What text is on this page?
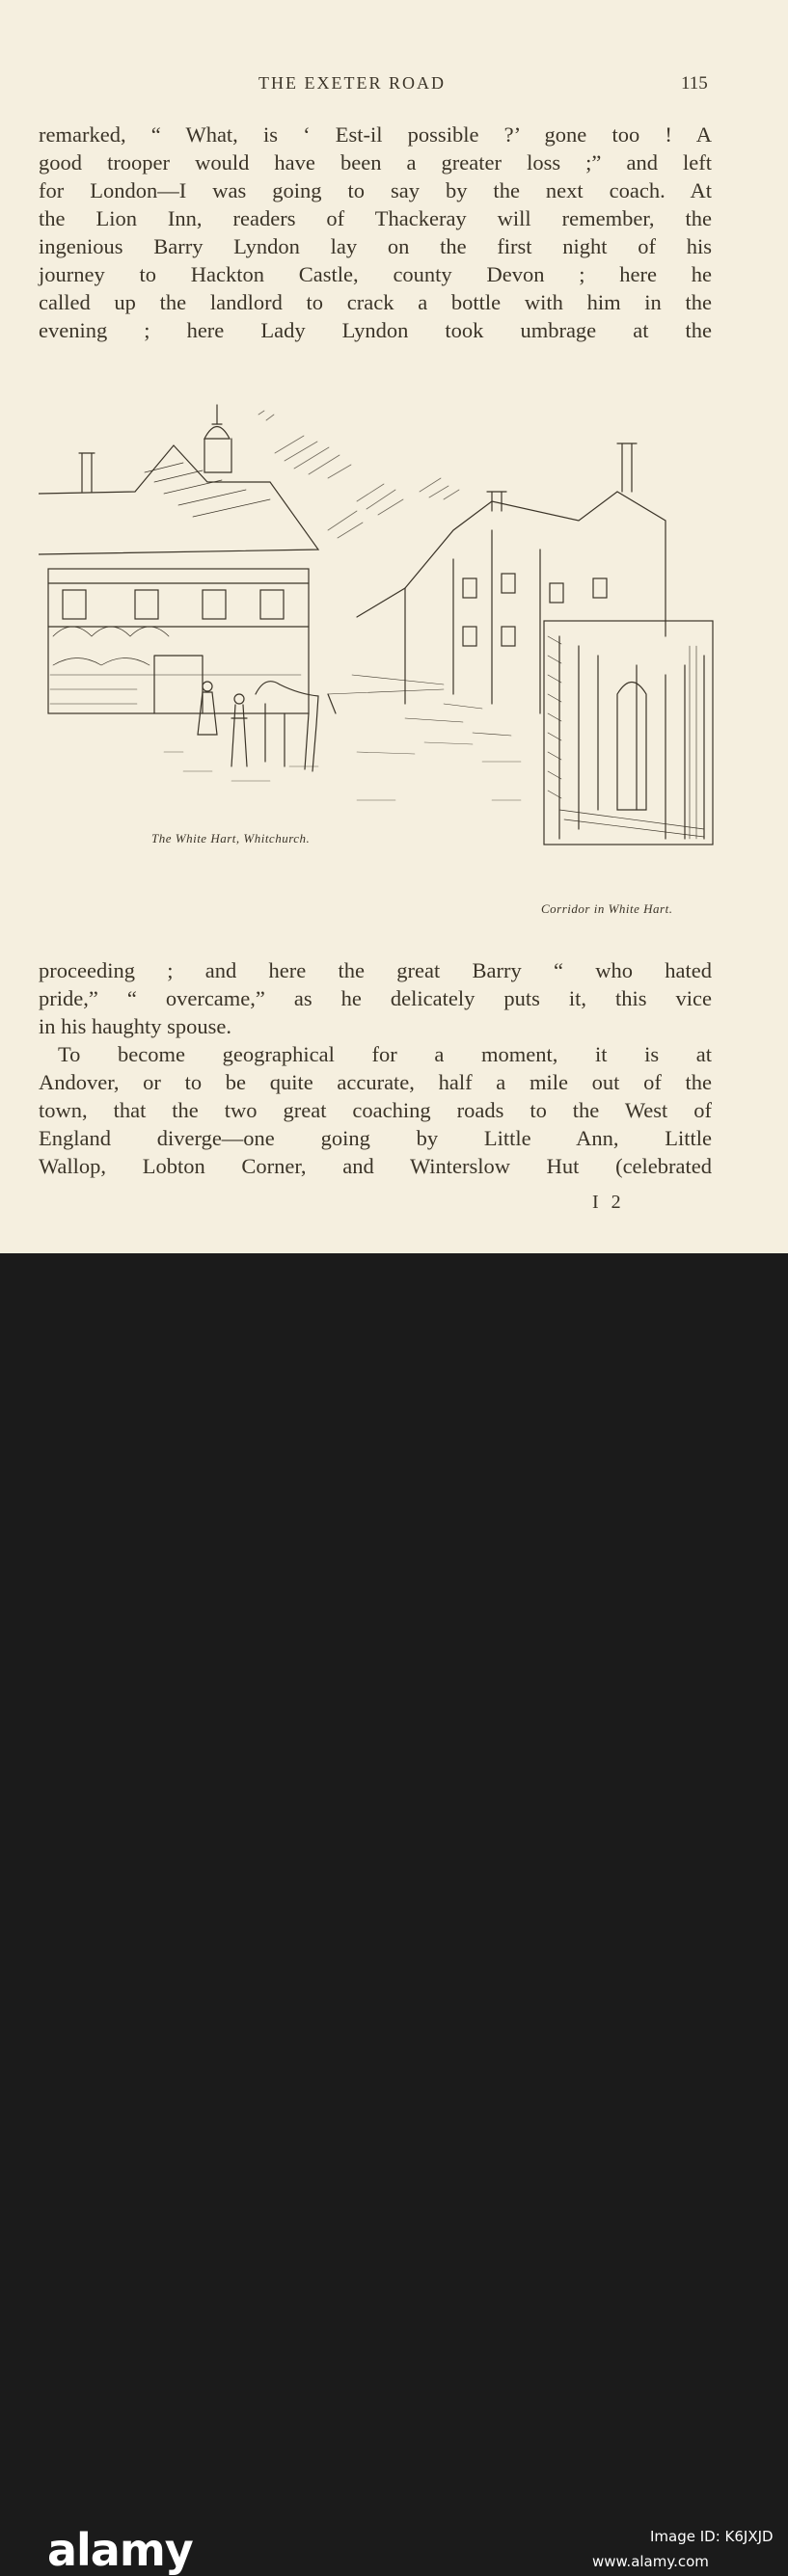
THE EXETER ROAD	115
remarked, “ What, is ‘ Est-il possible ?’ gone too ! A
good trooper would have been a greater loss ;” and left
for London—I was going to say by the next coach. At
the Lion Inn, readers of Thackeray will remember, the
ingenious Barry Lyndon lay on the first night of his
journey to Hackton Castle, county Devon ; here he
called up the landlord to crack a bottle with him in the
evening ; here Lady Lyndon took umbrage at the
The White Hart, Whitchurch.
Corridor in White Hart.
proceeding ; and here the great Barry “ who hated
pride,” “ overcame,” as he delicately puts it, this vice
in his haughty spouse.
To become geographical for a moment, it is at
Andover, or to be quite accurate, half a mile out of the
town, that the two great coaching roads to the West of
England diverge—one going by Little Ann, Little
Wallop, Lobton Corner, and Winterslow Hut (celebrated
I 2
alamy	Image ID: K6JXJD
www.alamy.com
